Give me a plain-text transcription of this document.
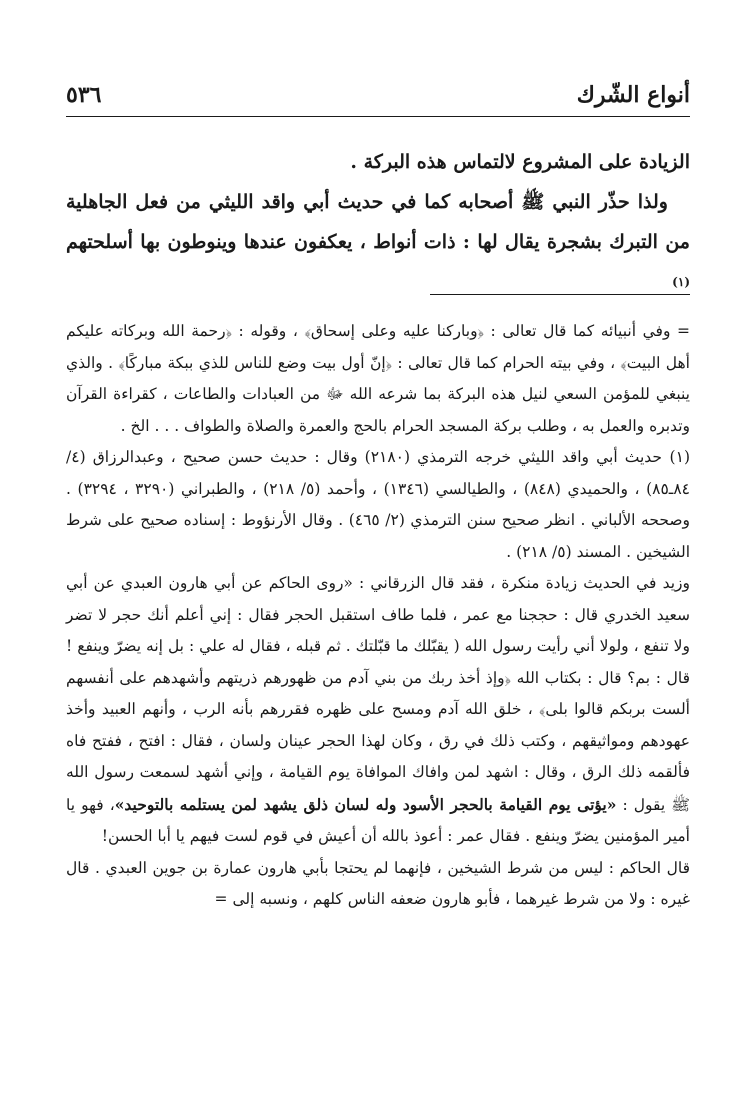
أنواع الشّرك
٥٣٦

الزيادة على المشروع لالتماس هذه البركة .

ولذا حذّر النبي ﷺ أصحابه كما في حديث أبي واقد الليثي من فعل الجاهلية من التبرك بشجرة يقال لها : ذات أنواط ، يعكفون عندها وينوطون بها أسلحتهم $^{(١)}$

= وفي أنبيائه كما قال تعالى : ﴿وباركنا عليه وعلى إسحاق﴾ ، وقوله : ﴿رحمة الله وبركاته عليكم أهل البيت﴾ ، وفي بيته الحرام كما قال تعالى : ﴿إنّ أول بيت وضع للناس للذي ببكة مباركًا﴾ . والذي ينبغي للمؤمن السعي لنيل هذه البركة بما شرعه الله ﷻ من العبادات والطاعات ، كقراءة القرآن وتدبره والعمل به ، وطلب بركة المسجد الحرام بالحج والعمرة والصلاة والطواف . . . الخ .

(١)حديث أبي واقد الليثي خرجه الترمذي (٢١٨٠) وقال : حديث حسن صحيح ، وعبدالرزاق (٤/ ٨٤ـ٨٥) ، والحميدي (٨٤٨) ، والطيالسي (١٣٤٦) ، وأحمد (٥/ ٢١٨) ، والطبراني (٣٢٩٠ ، ٣٢٩٤) . وصححه الألباني . انظر صحيح سنن الترمذي (٢/ ٤٦٥) . وقال الأرنؤوط : إسناده صحيح على شرط الشيخين . المسند (٥/ ٢١٨) .

وزيد في الحديث زيادة منكرة ، فقد قال الزرقاني : «روى الحاكم عن أبي هارون العبدي عن أبي سعيد الخدري قال : حججنا مع عمر ، فلما طاف استقبل الحجر فقال : إني أعلم أنك حجر لا تضر ولا تنفع ، ولولا أني رأيت رسول الله ( يقبّلك ما قبّلتك . ثم قبله ، فقال له علي : بل إنه يضرّ وينفع ! قال : بم؟ قال : بكتاب الله ﴿وإذ أخذ ربك من بني آدم من ظهورهم ذريتهم وأشهدهم على أنفسهم ألست بربكم قالوا بلى﴾ ، خلق الله آدم ومسح على ظهره فقررهم بأنه الرب ، وأنهم العبيد وأخذ عهودهم ومواثيقهم ، وكتب ذلك في رق ، وكان لهذا الحجر عينان ولسان ، فقال : افتح ، ففتح فاه فألقمه ذلك الرق ، وقال : اشهد لمن وافاك الموافاة يوم القيامة ، وإني أشهد لسمعت رسول الله ﷺ يقول : «يؤتى يوم القيامة بالحجر الأسود وله لسان ذلق يشهد لمن يستلمه بالتوحيد»، فهو يا أمير المؤمنين يضرّ وينفع . فقال عمر : أعوذ بالله أن أعيش في قوم لست فيهم يا أبا الحسن!

قال الحاكم : ليس من شرط الشيخين ، فإنهما لم يحتجا بأبي هارون عمارة بن جوين العبدي . قال غيره : ولا من شرط غيرهما ، فأبو هارون ضعفه الناس كلهم ، ونسبه إلى =
